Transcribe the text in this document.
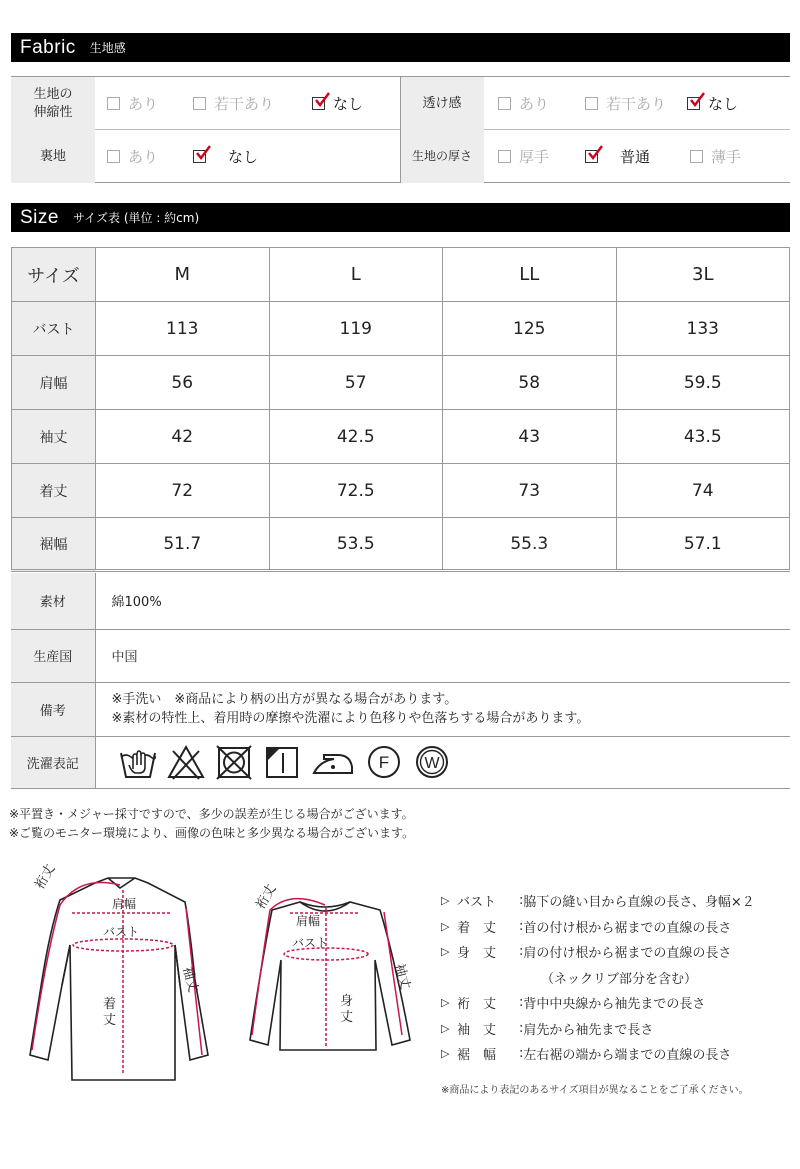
Fabric 生地感
生地の
伸縮性	あり	若干あり	なし	透け感	あり	若干あり	なし
裏地	あり	なし	生地の厚さ	厚手	普通	薄手
Size サイズ表 (単位 : 約cm)
サイズ	M	L	LL	3L
バスト	113	119	125	133
肩幅	56	57	58	59.5
袖丈	42	42.5	43	43.5
着丈	72	72.5	73	74
裾幅	51.7	53.5	55.3	57.1
素材	綿100%
生産国	中国
備考	※手洗い　※商品により柄の出方が異なる場合があります。
※素材の特性上、着用時の摩擦や洗濯により色移りや色落ちする場合があります。

洗濯表記	F W
※平置き・メジャー採寸ですので、多少の誤差が生じる場合がございます。
※ご覧のモニター環境により、画像の色味と多少異なる場合がございます。
裄丈
肩幅
バスト
袖丈
着
丈
裄丈
肩幅
バスト
袖丈
身
丈
▷ バスト	: 脇下の縫い目から直線の長さ、身幅×２
▷ 着　丈	: 首の付け根から裾までの直線の長さ
▷ 身　丈	: 肩の付け根から裾までの直線の長さ
（ネックリブ部分を含む）
▷ 裄　丈	: 背中中央線から袖先までの長さ
▷ 袖　丈	: 肩先から袖先まで長さ
▷ 裾　幅	: 左右裾の端から端までの直線の長さ
※商品により表記のあるサイズ項目が異なることをご了承ください。
